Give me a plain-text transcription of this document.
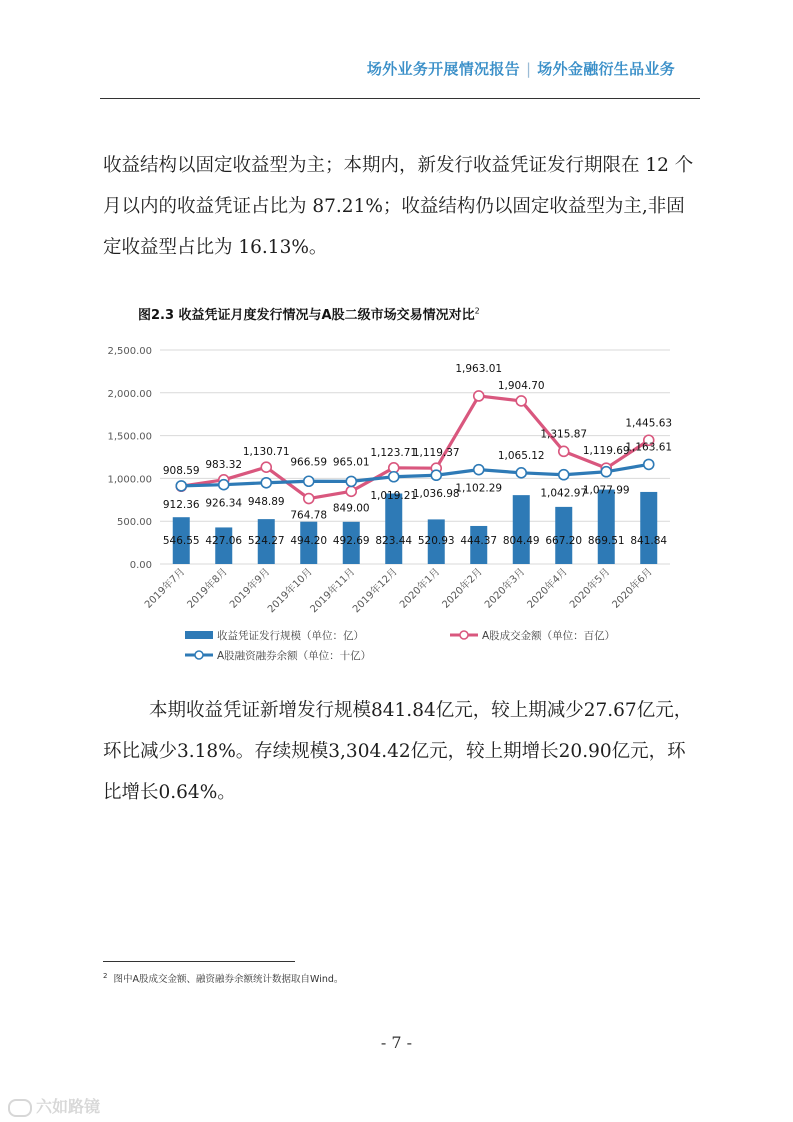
场外业务开展情况报告 | 场外金融衍生品业务
收益结构以固定收益型为主；本期内，新发行收益凭证发行期限在 12 个月以内的收益凭证占比为 87.21%；收益结构仍以固定收益型为主,非固定收益型占比为 16.13%。
图2.3 收益凭证月度发行情况与A股二级市场交易情况对比$^2$
0.00
500.00
1,000.00
1,500.00
2,000.00
2,500.00
546.55 427.06 524.27 494.20 492.69 823.44 520.93 444.37 804.49 667.20 869.51 841.84
908.59
983.32
1,130.71
764.78
849.00
1,123.71
1,119.37
1,963.01
1,904.70
1,315.87
1,119.69
1,445.63
912.36 926.34 948.89
966.59 965.01
1,019.21
1,036.98
1,102.29
1,065.12
1,042.97
1,077.99
1,163.61
2019年7月
2019年8月
2019年9月
2019年10月
2019年11月
2019年12月
2020年1月
2020年2月
2020年3月
2020年4月
2020年5月
2020年6月
收益凭证发行规模（单位：亿）	A股成交金额（单位：百亿）
A股融资融券余额（单位：十亿）
本期收益凭证新增发行规模841.84亿元，较上期减少27.67亿元，环比减少3.18%。存续规模3,304.42亿元，较上期增长20.90亿元，环比增长0.64%。
$^2$ 图中A股成交金额、融资融券余额统计数据取自Wind。
- 7 -
六如路镜
